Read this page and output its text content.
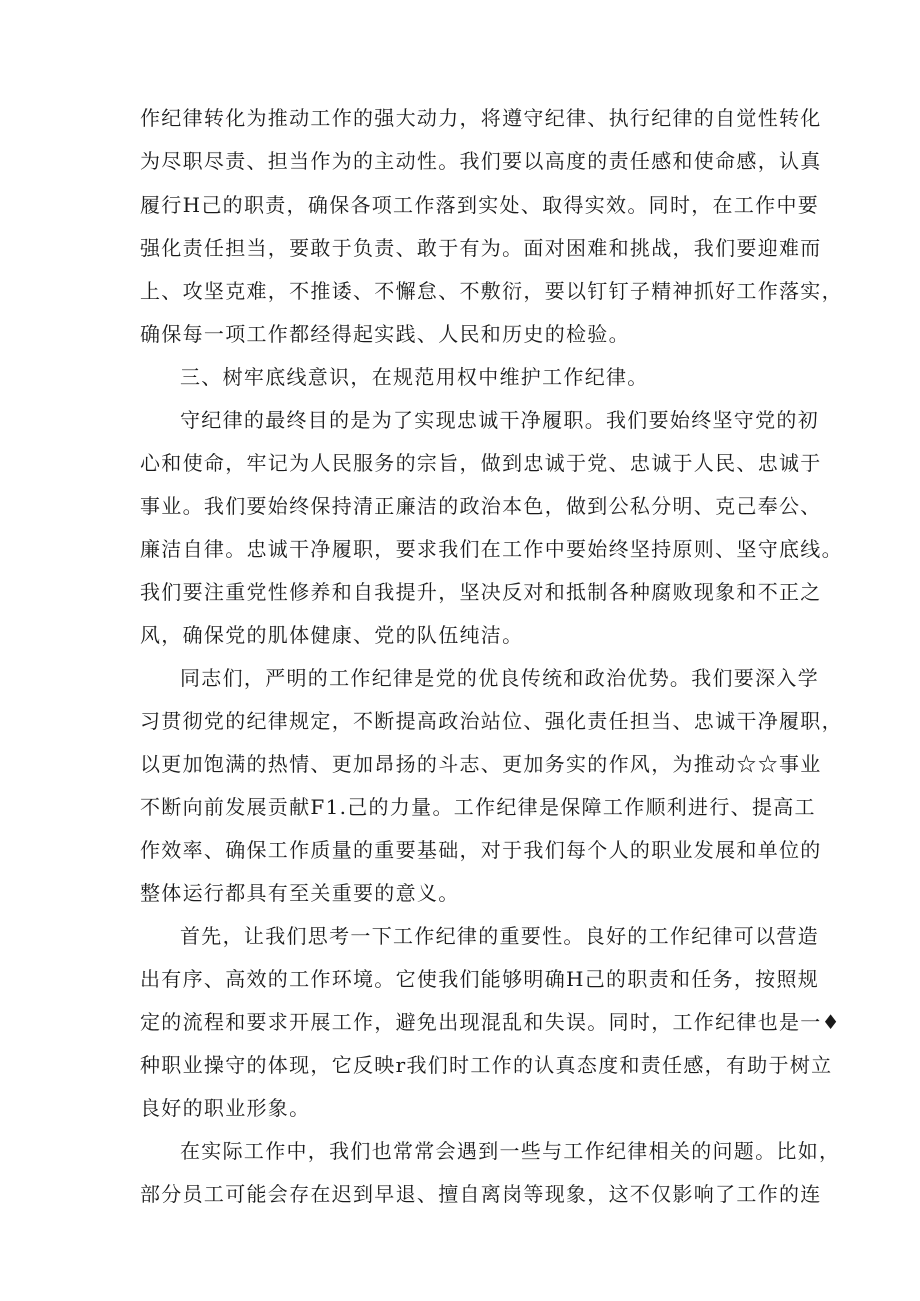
作纪律转化为推动工作的强大动力，将遵守纪律、执行纪律的自觉性转化
为尽职尽责、担当作为的主动性。我们要以高度的责任感和使命感，认真
履行H己的职责，确保各项工作落到实处、取得实效。同时，在工作中要
强化责任担当，要敢于负责、敢于有为。面对困难和挑战，我们要迎难而
上、攻坚克难，不推诿、不懈怠、不敷衍，要以钉钉子精神抓好工作落实，
确保每一项工作都经得起实践、人民和历史的检验。
三、树牢底线意识，在规范用权中维护工作纪律。
守纪律的最终目的是为了实现忠诚干净履职。我们要始终坚守党的初
心和使命，牢记为人民服务的宗旨，做到忠诚于党、忠诚于人民、忠诚于
事业。我们要始终保持清正廉洁的政治本色，做到公私分明、克己奉公、
廉洁自律。忠诚干净履职，要求我们在工作中要始终坚持原则、坚守底线。
我们要注重党性修养和自我提升，坚决反对和抵制各种腐败现象和不正之
风，确保党的肌体健康、党的队伍纯洁。
同志们，严明的工作纪律是党的优良传统和政治优势。我们要深入学
习贯彻党的纪律规定，不断提高政治站位、强化责任担当、忠诚干净履职，
以更加饱满的热情、更加昂扬的斗志、更加务实的作风，为推动☆☆事业
不断向前发展贡献F1.己的力量。工作纪律是保障工作顺利进行、提高工
作效率、确保工作质量的重要基础，对于我们每个人的职业发展和单位的
整体运行都具有至关重要的意义。
首先，让我们思考一下工作纪律的重要性。良好的工作纪律可以营造
出有序、高效的工作环境。它使我们能够明确H己的职责和任务，按照规
定的流程和要求开展工作，避免出现混乱和失误。同时，工作纪律也是一♦
种职业操守的体现，它反映r我们时工作的认真态度和责任感，有助于树立
良好的职业形象。
在实际工作中，我们也常常会遇到一些与工作纪律相关的问题。比如，
部分员工可能会存在迟到早退、擅自离岗等现象，这不仅影响了工作的连
